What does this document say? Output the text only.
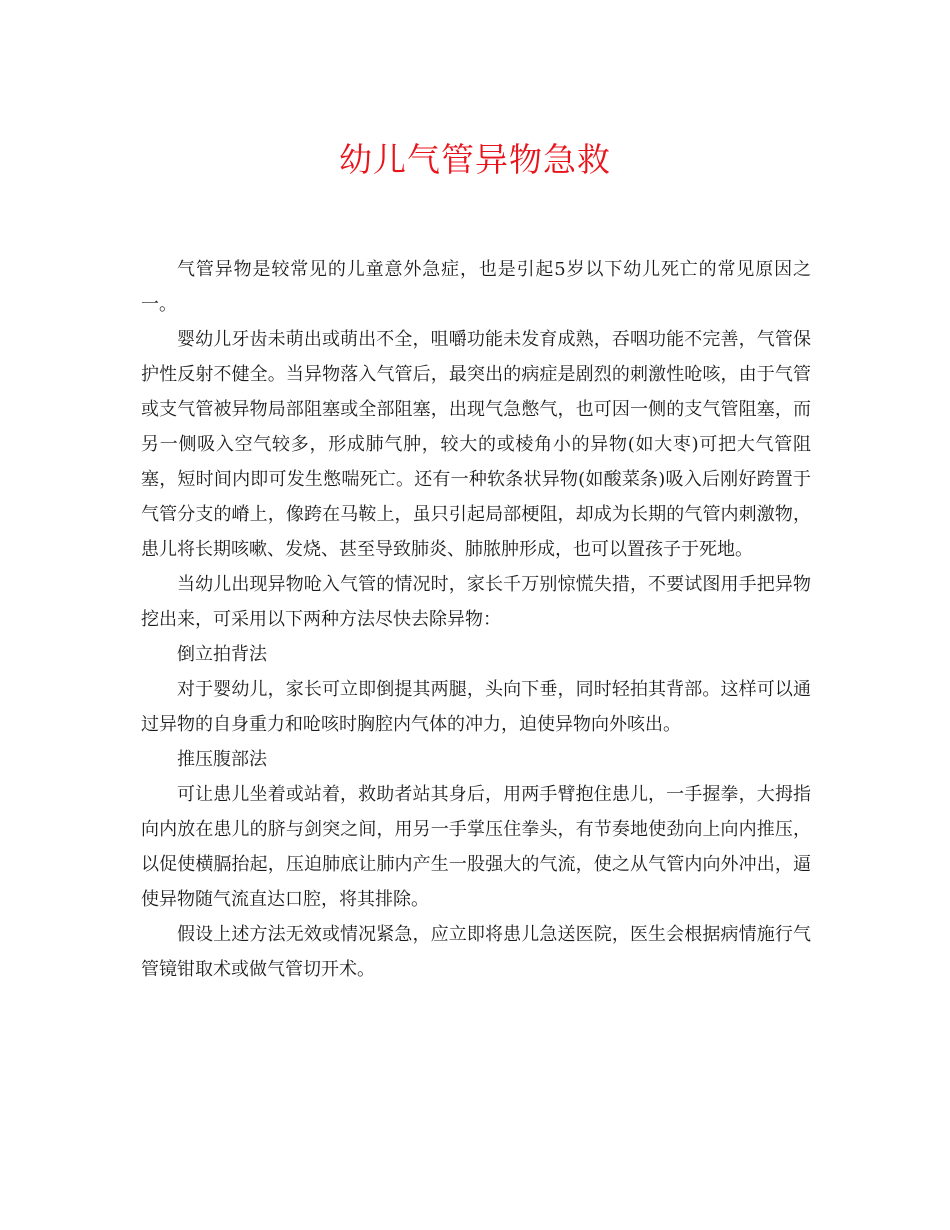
幼儿气管异物急救

气管异物是较常见的儿童意外急症，也是引起5岁以下幼儿死亡的常见原因之一。

婴幼儿牙齿未萌出或萌出不全，咀嚼功能未发育成熟，吞咽功能不完善，气管保护性反射不健全。当异物落入气管后，最突出的病症是剧烈的刺激性呛咳，由于气管或支气管被异物局部阻塞或全部阻塞，出现气急憋气，也可因一侧的支气管阻塞，而另一侧吸入空气较多，形成肺气肿，较大的或棱角小的异物(如大枣)可把大气管阻塞，短时间内即可发生憋喘死亡。还有一种软条状异物(如酸菜条)吸入后刚好跨置于气管分支的嵴上，像跨在马鞍上，虽只引起局部梗阻，却成为长期的气管内刺激物，患儿将长期咳嗽、发烧、甚至导致肺炎、肺脓肿形成，也可以置孩子于死地。

当幼儿出现异物呛入气管的情况时，家长千万别惊慌失措，不要试图用手把异物挖出来，可采用以下两种方法尽快去除异物：

倒立拍背法

对于婴幼儿，家长可立即倒提其两腿，头向下垂，同时轻拍其背部。这样可以通过异物的自身重力和呛咳时胸腔内气体的冲力，迫使异物向外咳出。

推压腹部法

可让患儿坐着或站着，救助者站其身后，用两手臂抱住患儿，一手握拳，大拇指向内放在患儿的脐与剑突之间，用另一手掌压住拳头，有节奏地使劲向上向内推压，以促使横膈抬起，压迫肺底让肺内产生一股强大的气流，使之从气管内向外冲出，逼使异物随气流直达口腔，将其排除。

假设上述方法无效或情况紧急，应立即将患儿急送医院，医生会根据病情施行气管镜钳取术或做气管切开术。
